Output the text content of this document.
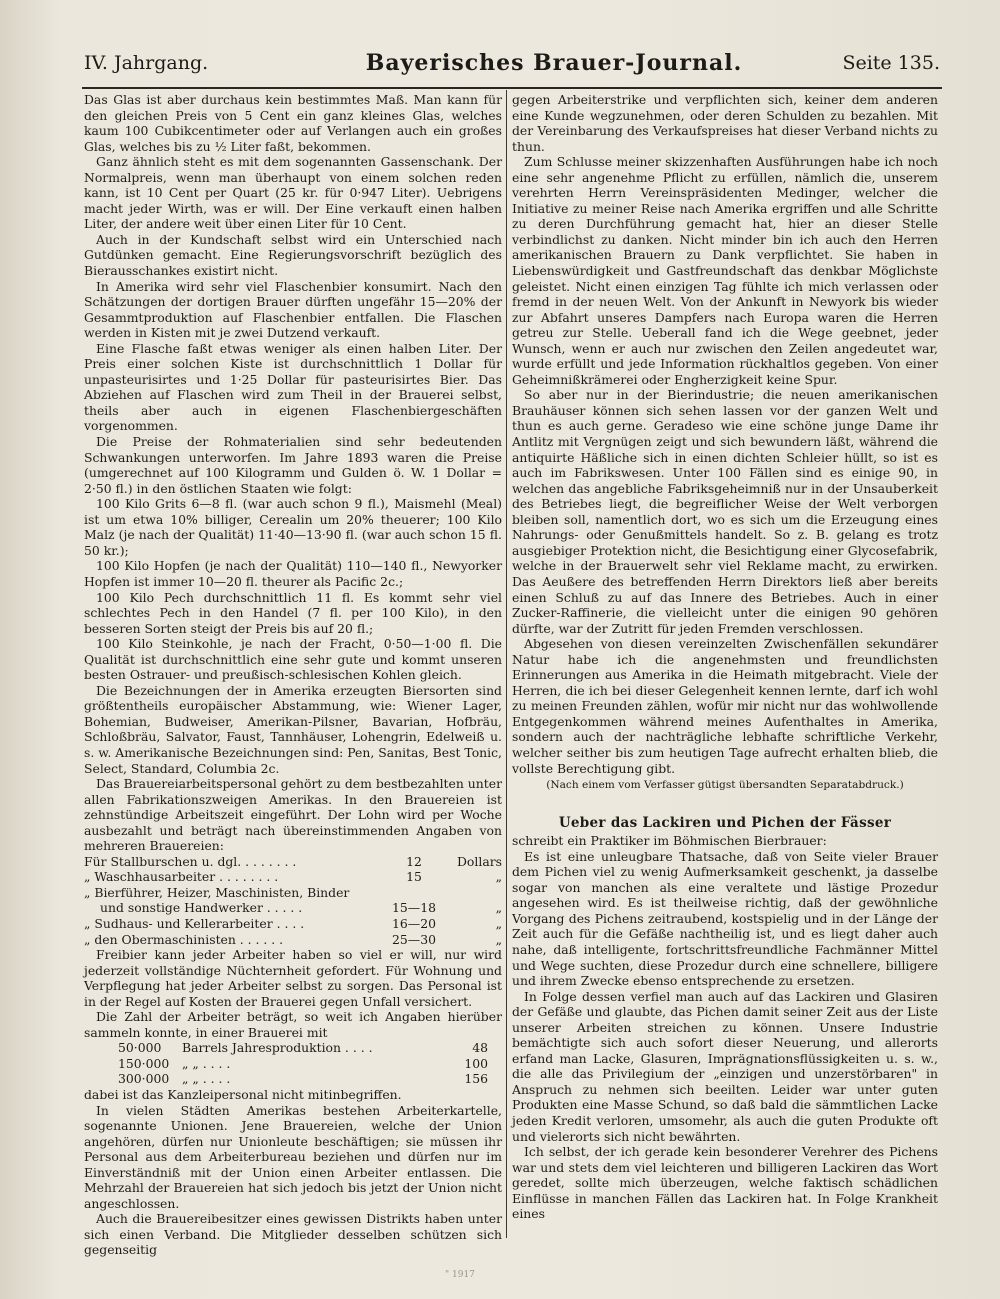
IV. Jahrgang.	Bayerisches Brauer-Journal.	Seite 135.

Das Glas ist aber durchaus kein bestimmtes Maß. Man kann für den gleichen Preis von 5 Cent ein ganz kleines Glas, welches kaum 100 Cubikcentimeter oder auf Verlangen auch ein großes Glas, welches bis zu ½ Liter faßt, bekommen.

Ganz ähnlich steht es mit dem sogenannten Gassenschank. Der Normalpreis, wenn man überhaupt von einem solchen reden kann, ist 10 Cent per Quart (25 kr. für 0·947 Liter). Uebrigens macht jeder Wirth, was er will. Der Eine verkauft einen halben Liter, der andere weit über einen Liter für 10 Cent.

Auch in der Kundschaft selbst wird ein Unterschied nach Gutdünken gemacht. Eine Regierungsvorschrift bezüglich des Bierausschankes existirt nicht.

In Amerika wird sehr viel Flaschenbier konsumirt. Nach den Schätzungen der dortigen Brauer dürften ungefähr 15—20% der Gesammtproduktion auf Flaschenbier entfallen. Die Flaschen werden in Kisten mit je zwei Dutzend verkauft.

Eine Flasche faßt etwas weniger als einen halben Liter. Der Preis einer solchen Kiste ist durchschnittlich 1 Dollar für unpasteurisirtes und 1·25 Dollar für pasteurisirtes Bier. Das Abziehen auf Flaschen wird zum Theil in der Brauerei selbst, theils aber auch in eigenen Flaschenbiergeschäften vorgenommen.

Die Preise der Rohmaterialien sind sehr bedeutenden Schwankungen unterworfen. Im Jahre 1893 waren die Preise (umgerechnet auf 100 Kilogramm und Gulden ö. W. 1 Dollar = 2·50 fl.) in den östlichen Staaten wie folgt:

100 Kilo Grits 6—8 fl. (war auch schon 9 fl.), Maismehl (Meal) ist um etwa 10% billiger, Cerealin um 20% theuerer; 100 Kilo Malz (je nach der Qualität) 11·40—13·90 fl. (war auch schon 15 fl. 50 kr.);

100 Kilo Hopfen (je nach der Qualität) 110—140 fl., Newyorker Hopfen ist immer 10—20 fl. theurer als Pacific 2c.;

100 Kilo Pech durchschnittlich 11 fl. Es kommt sehr viel schlechtes Pech in den Handel (7 fl. per 100 Kilo), in den besseren Sorten steigt der Preis bis auf 20 fl.;

100 Kilo Steinkohle, je nach der Fracht, 0·50—1·00 fl. Die Qualität ist durchschnittlich eine sehr gute und kommt unseren besten Ostrauer- und preußisch-schlesischen Kohlen gleich.

Die Bezeichnungen der in Amerika erzeugten Biersorten sind größtentheils europäischer Abstammung, wie: Wiener Lager, Bohemian, Budweiser, Amerikan-Pilsner, Bavarian, Hofbräu, Schloßbräu, Salvator, Faust, Tannhäuser, Lohengrin, Edelweiß u. s. w. Amerikanische Bezeichnungen sind: Pen, Sanitas, Best Tonic, Select, Standard, Columbia 2c.

Das Brauereiarbeitspersonal gehört zu dem bestbezahlten unter allen Fabrikationszweigen Amerikas. In den Brauereien ist zehnstündige Arbeitszeit eingeführt. Der Lohn wird per Woche ausbezahlt und beträgt nach übereinstimmenden Angaben von mehreren Brauereien:

Für Stallburschen u. dgl. . . . . . . .	12	Dollars
„ Waschhausarbeiter . . . . . . . .	15	„
„ Bierführer, Heizer, Maschinisten, Binder
und sonstige Handwerker . . . . .	15—18	„
„ Sudhaus- und Kellerarbeiter . . . .	16—20	„
„ den Obermaschinisten . . . . . .	25—30	„

Freibier kann jeder Arbeiter haben so viel er will, nur wird jederzeit vollständige Nüchternheit gefordert. Für Wohnung und Verpflegung hat jeder Arbeiter selbst zu sorgen. Das Personal ist in der Regel auf Kosten der Brauerei gegen Unfall versichert.

Die Zahl der Arbeiter beträgt, so weit ich Angaben hierüber sammeln konnte, in einer Brauerei mit

50·000	Barrels Jahresproduktion . . . .	48
150·000	„ „ . . . .	100
300·000	„ „ . . . .	156

dabei ist das Kanzleipersonal nicht mitinbegriffen.

In vielen Städten Amerikas bestehen Arbeiterkartelle, sogenannte Unionen. Jene Brauereien, welche der Union angehören, dürfen nur Unionleute beschäftigen; sie müssen ihr Personal aus dem Arbeiterbureau beziehen und dürfen nur im Einverständniß mit der Union einen Arbeiter entlassen. Die Mehrzahl der Brauereien hat sich jedoch bis jetzt der Union nicht angeschlossen.

Auch die Brauereibesitzer eines gewissen Distrikts haben unter sich einen Verband. Die Mitglieder desselben schützen sich gegenseitig

gegen Arbeiterstrike und verpflichten sich, keiner dem anderen eine Kunde wegzunehmen, oder deren Schulden zu bezahlen. Mit der Vereinbarung des Verkaufspreises hat dieser Verband nichts zu thun.

Zum Schlusse meiner skizzenhaften Ausführungen habe ich noch eine sehr angenehme Pflicht zu erfüllen, nämlich die, unserem verehrten Herrn Vereinspräsidenten Medinger, welcher die Initiative zu meiner Reise nach Amerika ergriffen und alle Schritte zu deren Durchführung gemacht hat, hier an dieser Stelle verbindlichst zu danken. Nicht minder bin ich auch den Herren amerikanischen Brauern zu Dank verpflichtet. Sie haben in Liebenswürdigkeit und Gastfreundschaft das denkbar Möglichste geleistet. Nicht einen einzigen Tag fühlte ich mich verlassen oder fremd in der neuen Welt. Von der Ankunft in Newyork bis wieder zur Abfahrt unseres Dampfers nach Europa waren die Herren getreu zur Stelle. Ueberall fand ich die Wege geebnet, jeder Wunsch, wenn er auch nur zwischen den Zeilen angedeutet war, wurde erfüllt und jede Information rückhaltlos gegeben. Von einer Geheimnißkrämerei oder Engherzigkeit keine Spur.

So aber nur in der Bierindustrie; die neuen amerikanischen Brauhäuser können sich sehen lassen vor der ganzen Welt und thun es auch gerne. Geradeso wie eine schöne junge Dame ihr Antlitz mit Vergnügen zeigt und sich bewundern läßt, während die antiquirte Häßliche sich in einen dichten Schleier hüllt, so ist es auch im Fabrikswesen. Unter 100 Fällen sind es einige 90, in welchen das angebliche Fabriksgeheimniß nur in der Unsauberkeit des Betriebes liegt, die begreiflicher Weise der Welt verborgen bleiben soll, namentlich dort, wo es sich um die Erzeugung eines Nahrungs- oder Genußmittels handelt. So z. B. gelang es trotz ausgiebiger Protektion nicht, die Besichtigung einer Glycosefabrik, welche in der Brauerwelt sehr viel Reklame macht, zu erwirken. Das Aeußere des betreffenden Herrn Direktors ließ aber bereits einen Schluß zu auf das Innere des Betriebes. Auch in einer Zucker-Raffinerie, die vielleicht unter die einigen 90 gehören dürfte, war der Zutritt für jeden Fremden verschlossen.

Abgesehen von diesen vereinzelten Zwischenfällen sekundärer Natur habe ich die angenehmsten und freundlichsten Erinnerungen aus Amerika in die Heimath mitgebracht. Viele der Herren, die ich bei dieser Gelegenheit kennen lernte, darf ich wohl zu meinen Freunden zählen, wofür mir nicht nur das wohlwollende Entgegenkommen während meines Aufenthaltes in Amerika, sondern auch der nachträgliche lebhafte schriftliche Verkehr, welcher seither bis zum heutigen Tage aufrecht erhalten blieb, die vollste Berechtigung gibt.

(Nach einem vom Verfasser gütigst übersandten Separatabdruck.)

Ueber das Lackiren und Pichen der Fässer

schreibt ein Praktiker im Böhmischen Bierbrauer:

Es ist eine unleugbare Thatsache, daß von Seite vieler Brauer dem Pichen viel zu wenig Aufmerksamkeit geschenkt, ja dasselbe sogar von manchen als eine veraltete und lästige Prozedur angesehen wird. Es ist theilweise richtig, daß der gewöhnliche Vorgang des Pichens zeitraubend, kostspielig und in der Länge der Zeit auch für die Gefäße nachtheilig ist, und es liegt daher auch nahe, daß intelligente, fortschrittsfreundliche Fachmänner Mittel und Wege suchten, diese Prozedur durch eine schnellere, billigere und ihrem Zwecke ebenso entsprechende zu ersetzen.

In Folge dessen verfiel man auch auf das Lackiren und Glasiren der Gefäße und glaubte, das Pichen damit seiner Zeit aus der Liste unserer Arbeiten streichen zu können. Unsere Industrie bemächtigte sich auch sofort dieser Neuerung, und allerorts erfand man Lacke, Glasuren, Imprägnationsflüssigkeiten u. s. w., die alle das Privilegium der „einzigen und unzerstörbaren" in Anspruch zu nehmen sich beeilten. Leider war unter guten Produkten eine Masse Schund, so daß bald die sämmtlichen Lacke jeden Kredit verloren, umsomehr, als auch die guten Produkte oft und vielerorts sich nicht bewährten.

Ich selbst, der ich gerade kein besonderer Verehrer des Pichens war und stets dem viel leichteren und billigeren Lackiren das Wort geredet, sollte mich überzeugen, welche faktisch schädlichen Einflüsse in manchen Fällen das Lackiren hat. In Folge Krankheit eines

" 1917
